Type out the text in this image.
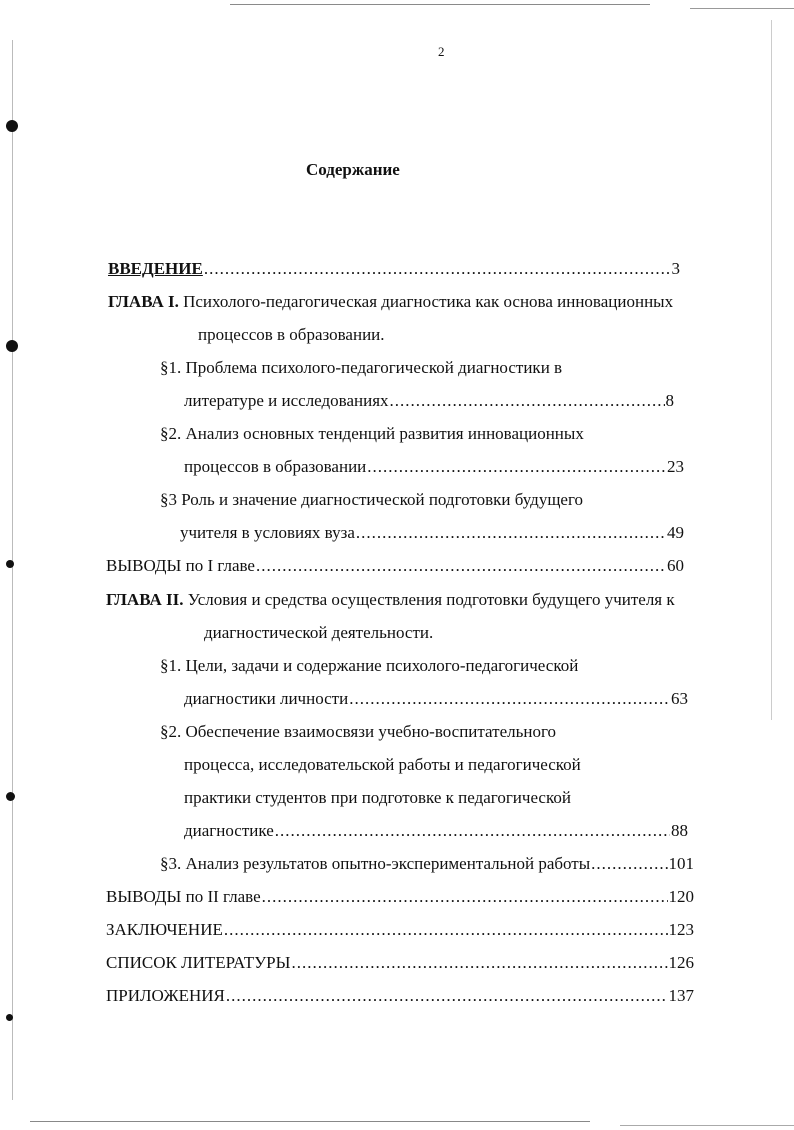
2
Содержание
ВВЕДЕНИЕ .....	3
ГЛАВА I.
Психолого-педагогическая диагностика как основа инновационных
процессов в образовании.
§1. Проблема психолого-педагогической диагностики в
литературе и исследованиях .....	8
§2. Анализ основных тенденций развития инновационных
процессов в образовании .....	23
§3 Роль и значение диагностической подготовки будущего
учителя в условиях вуза .....	49
ВЫВОДЫ по I главе .....	60
ГЛАВА II.
Условия и средства осуществления подготовки будущего учителя к
диагностической деятельности.
§1. Цели, задачи и содержание психолого-педагогической
диагностики личности .....	63
§2. Обеспечение взаимосвязи учебно-воспитательного
процесса, исследовательской работы и педагогической
практики студентов при подготовке к педагогической
диагностике .....	88
§3. Анализ результатов опытно-экспериментальной работы .....	101
ВЫВОДЫ по II главе .....	120
ЗАКЛЮЧЕНИЕ .....	123
СПИСОК ЛИТЕРАТУРЫ .....	126
ПРИЛОЖЕНИЯ .....	137
